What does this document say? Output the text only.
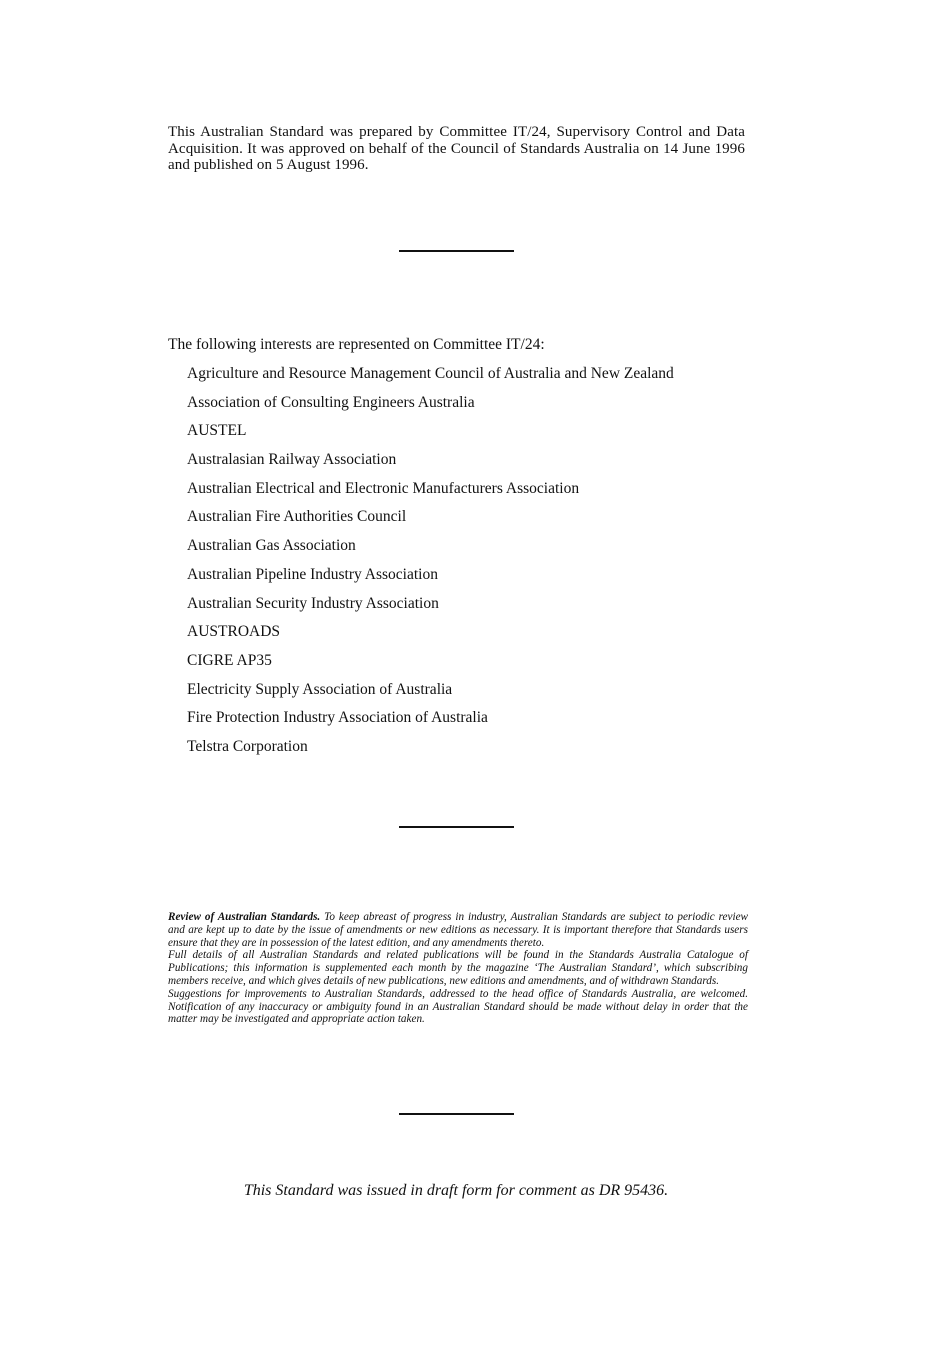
This Australian Standard was prepared by Committee IT/24, Supervisory Control and Data Acquisition. It was approved on behalf of the Council of Standards Australia on 14 June 1996 and published on 5 August 1996.
The following interests are represented on Committee IT/24:
Agriculture and Resource Management Council of Australia and New Zealand
Association of Consulting Engineers Australia
AUSTEL
Australasian Railway Association
Australian Electrical and Electronic Manufacturers Association
Australian Fire Authorities Council
Australian Gas Association
Australian Pipeline Industry Association
Australian Security Industry Association
AUSTROADS
CIGRE AP35
Electricity Supply Association of Australia
Fire Protection Industry Association of Australia
Telstra Corporation

Review of Australian Standards. To keep abreast of progress in industry, Australian Standards are subject to periodic review and are kept up to date by the issue of amendments or new editions as necessary. It is important therefore that Standards users ensure that they are in possession of the latest edition, and any amendments thereto.

Full details of all Australian Standards and related publications will be found in the Standards Australia Catalogue of Publications; this information is supplemented each month by the magazine ‘The Australian Standard’, which subscribing members receive, and which gives details of new publications, new editions and amendments, and of withdrawn Standards.

Suggestions for improvements to Australian Standards, addressed to the head office of Standards Australia, are welcomed. Notification of any inaccuracy or ambiguity found in an Australian Standard should be made without delay in order that the matter may be investigated and appropriate action taken.

This Standard was issued in draft form for comment as DR 95436.
